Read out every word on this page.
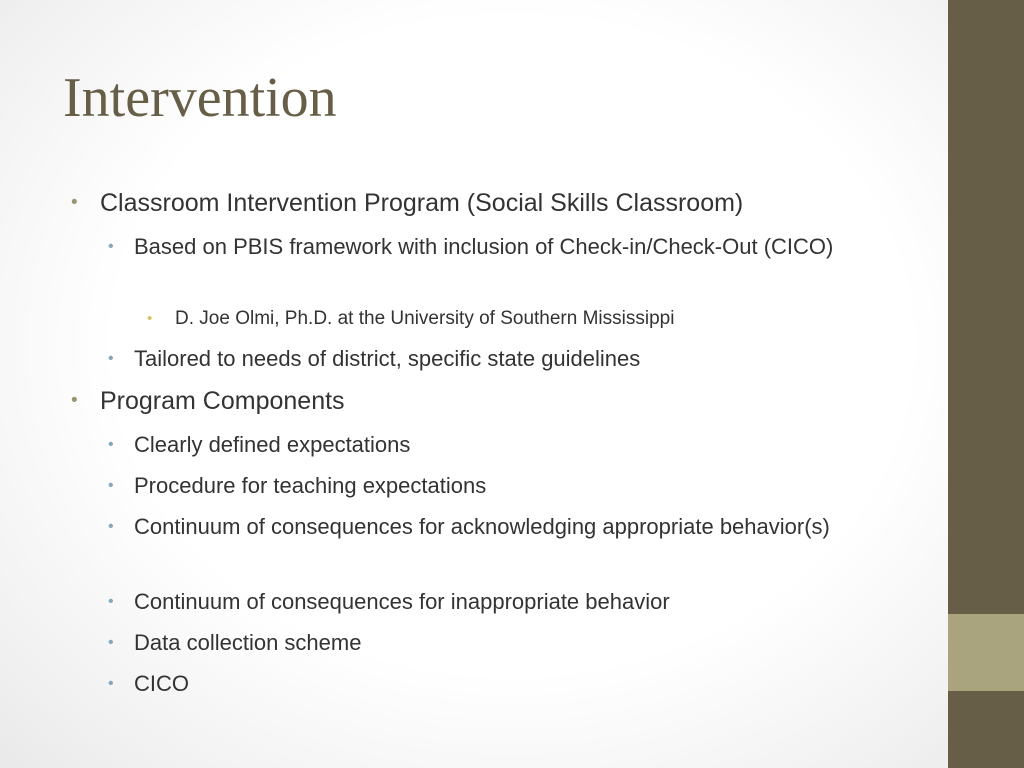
Intervention
• Classroom Intervention Program (Social Skills Classroom)
• Based on PBIS framework with inclusion of Check-in/Check-Out (CICO)
• D. Joe Olmi, Ph.D. at the University of Southern Mississippi
• Tailored to needs of district, specific state guidelines
• Program Components
• Clearly defined expectations
• Procedure for teaching expectations
• Continuum of consequences for acknowledging appropriate behavior(s)
• Continuum of consequences for inappropriate behavior
• Data collection scheme
• CICO
